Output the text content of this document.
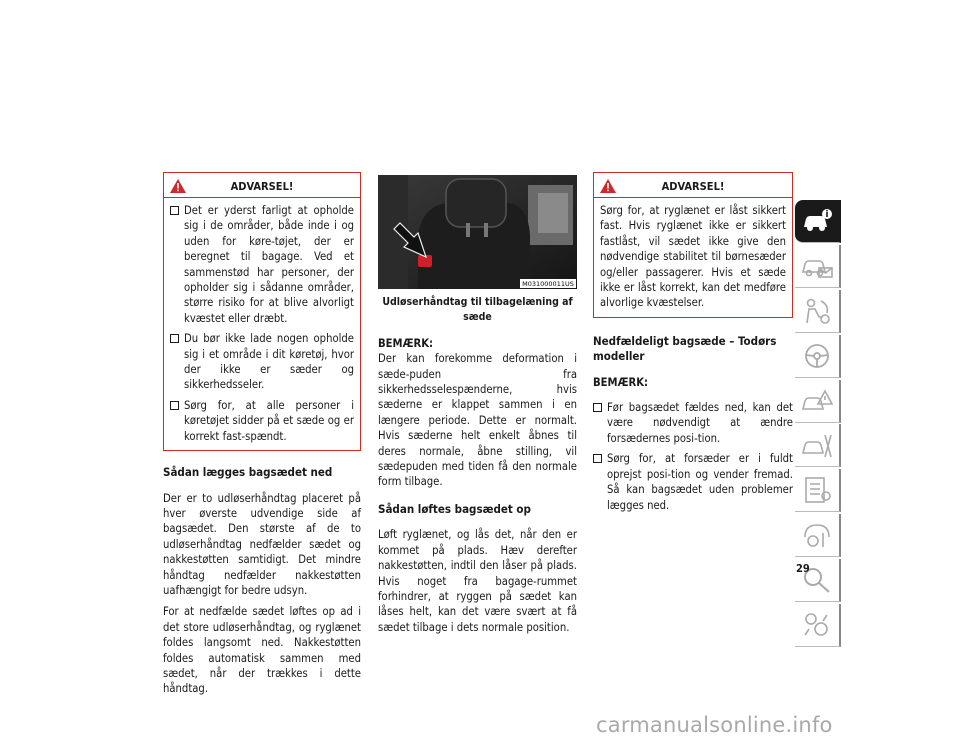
ADVARSEL!
Det er yderst farligt at opholde sig i de områder, både inde i og uden for køre-tøjet, der er beregnet til bagage. Ved et sammenstød har personer, der opholder sig i sådanne områder, større risiko for at blive alvorligt kvæstet eller dræbt.
Du bør ikke lade nogen opholde sig i et område i dit køretøj, hvor der ikke er sæder og sikkerhedsseler.
Sørg for, at alle personer i køretøjet sidder på et sæde og er korrekt fast-spændt.
Sådan lægges bagsædet ned

Der er to udløserhåndtag placeret på hver øverste udvendige side af bagsædet. Den største af de to udløserhåndtag nedfælder sædet og nakkestøtten samtidigt. Det mindre håndtag nedfælder nakkestøtten uafhængigt for bedre udsyn.

For at nedfælde sædet løftes op ad i det store udløserhåndtag, og ryglænet foldes langsomt ned. Nakkestøtten foldes automatisk sammen med sædet, når der trækkes i dette håndtag.

M031000011US
Udløserhåndtag til tilbagelæning af sæde
BEMÆRK:

Der kan forekomme deformation i sæde-puden fra sikkerhedsselespænderne, hvis sæderne er klappet sammen i en længere periode. Dette er normalt. Hvis sæderne helt enkelt åbnes til deres normale, åbne stilling, vil sædepuden med tiden få den normale form tilbage.

Sådan løftes bagsædet op

Løft ryglænet, og lås det, når den er kommet på plads. Hæv derefter nakkestøtten, indtil den låser på plads. Hvis noget fra bagage-rummet forhindrer, at ryggen på sædet kan låses helt, kan det være svært at få sædet tilbage i dets normale position.

ADVARSEL!

Sørg for, at ryglænet er låst sikkert fast. Hvis ryglænet ikke er sikkert fastlåst, vil sædet ikke give den nødvendige stabilitet til børnesæder og/eller passagerer. Hvis et sæde ikke er låst korrekt, kan det medføre alvorlige kvæstelser.

Nedfældeligt bagsæde – Todørs modeller
BEMÆRK:
Før bagsædet fældes ned, kan det være nødvendigt at ændre forsædernes posi-tion.
Sørg for, at forsæder er i fuldt oprejst posi-tion og vender fremad. Så kan bagsædet uden problemer lægges ned.
29
carmanualsonline.info
